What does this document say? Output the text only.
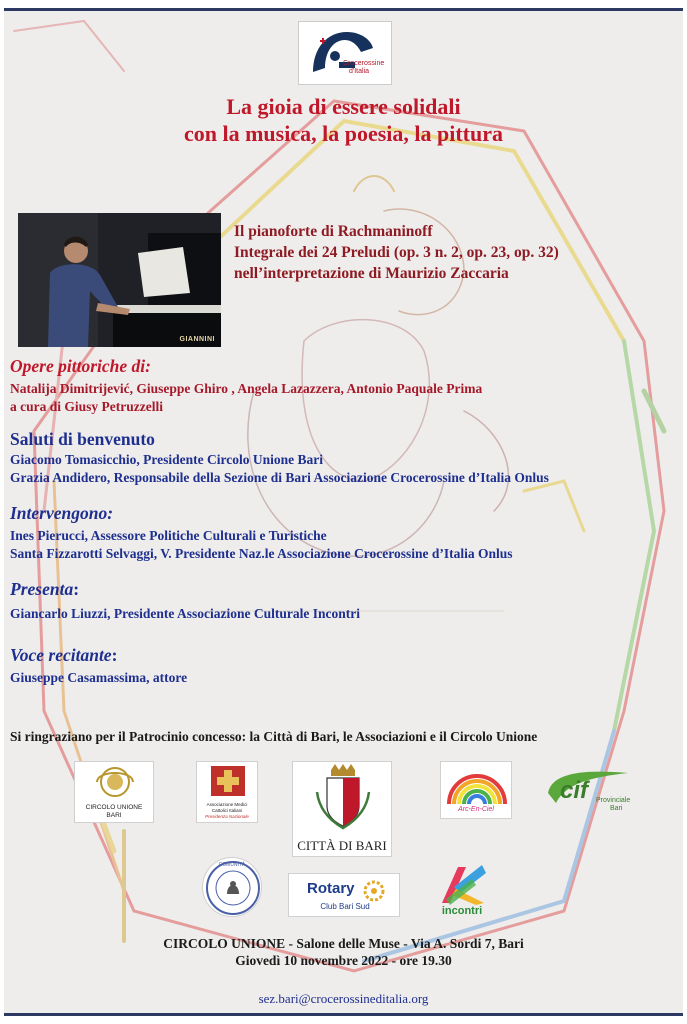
Crocerossine
d'Italia
La gioia di essere solidali
con la musica, la poesia, la pittura
GIANNINI
Il pianoforte di Rachmaninoff
Integrale dei 24 Preludi (op. 3 n. 2, op. 23, op. 32)
nell’interpretazione di Maurizio Zaccaria
Opere pittoriche di:
Natalija Dimitrijević, Giuseppe Ghiro , Angela Lazazzera, Antonio Paquale Prima
a cura di Giusy Petruzzelli
Saluti di benvenuto
Giacomo Tomasicchio, Presidente Circolo Unione Bari
Grazia Andidero, Responsabile della Sezione di Bari Associazione Crocerossine d’Italia Onlus
Intervengono:
Ines Pierucci, Assessore Politiche Culturali e Turistiche
Santa Fizzarotti Selvaggi, V. Presidente Naz.le Associazione Crocerossine d’Italia Onlus
Presenta:
Giancarlo Liuzzi, Presidente Associazione Culturale Incontri
Voce recitante:
Giuseppe Casamassima, attore
Si ringraziano per il Patrocinio concesso: la Città di Bari, le Associazioni e il Circolo Unione
CIRCOLO UNIONE
BARI
Associazione Medici
Cattolici Italiani
Presidenza Nazionale
CITTÀ DI BARI
Arc-En-Ciel
cif Provinciale
Bari
COMUNITÀ
Rotary
Club Bari Sud	incontri
CIRCOLO UNIONE - Salone delle Muse - Via A. Sordi 7, Bari
Giovedì 10 novembre 2022 - ore 19.30
sez.bari@crocerossineditalia.org
